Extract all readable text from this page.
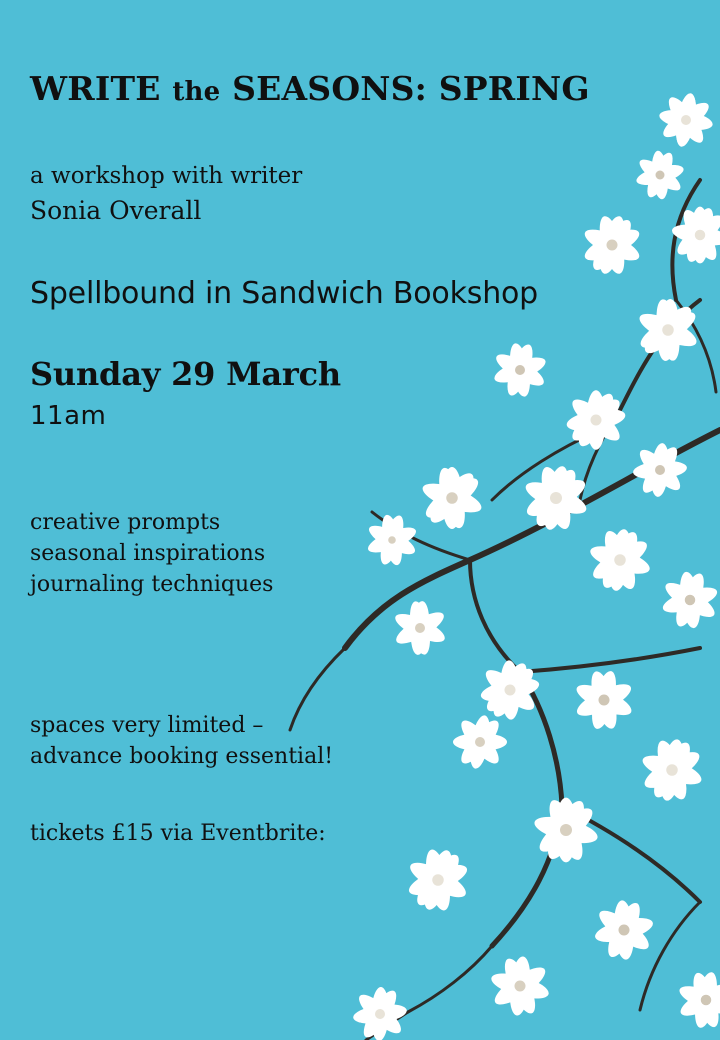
WRITE the SEASONS: SPRING
a workshop with writer
Sonia Overall
Spellbound in Sandwich Bookshop
Sunday 29 March
11am
creative prompts
seasonal inspirations
journaling techniques
spaces very limited –
advance booking essential!
tickets £15 via Eventbrite:
